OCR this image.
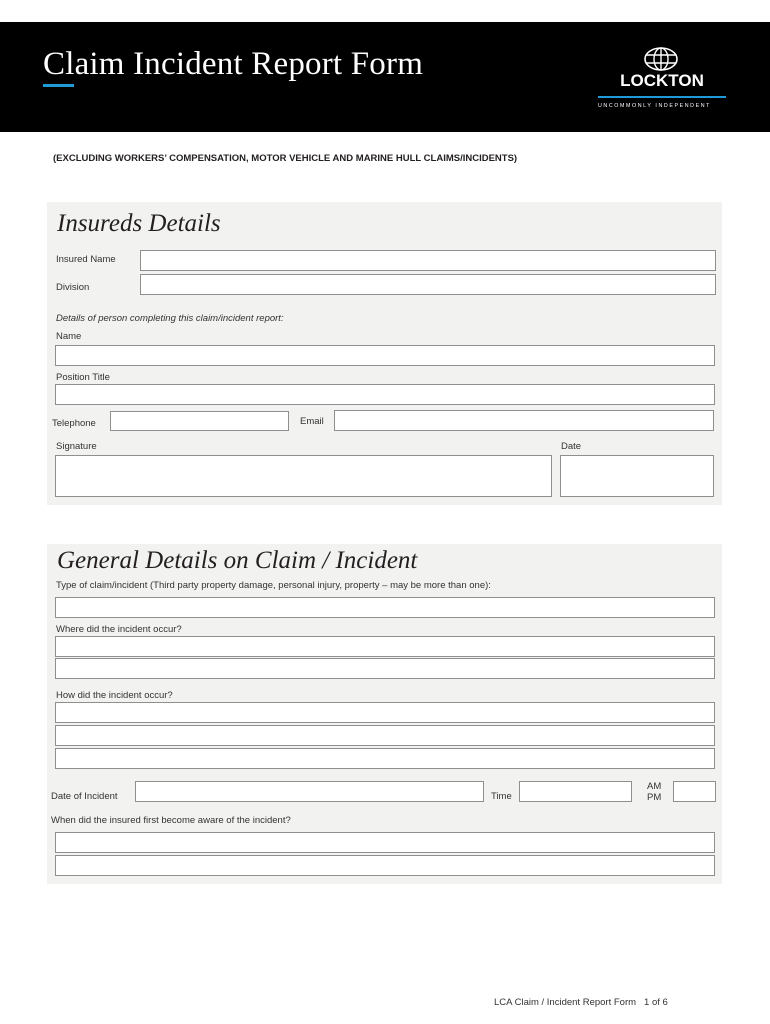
Claim Incident Report Form	LOCKTON
UNCOMMONLY INDEPENDENT
(EXCLUDING WORKERS’ COMPENSATION, MOTOR VEHICLE AND MARINE HULL CLAIMS/INCIDENTS)
Insureds Details
Insured Name
Division
Details of person completing this claim/incident report:
Name
Position Title
Telephone	Email
Signature	Date
General Details on Claim / Incident
Type of claim/incident (Third party property damage, personal injury, property – may be more than one):
Where did the incident occur?
How did the incident occur?
Date of Incident	Time
AM
PM
When did the insured first become aware of the incident?
LCA Claim / Incident Report Form 1 of 6
